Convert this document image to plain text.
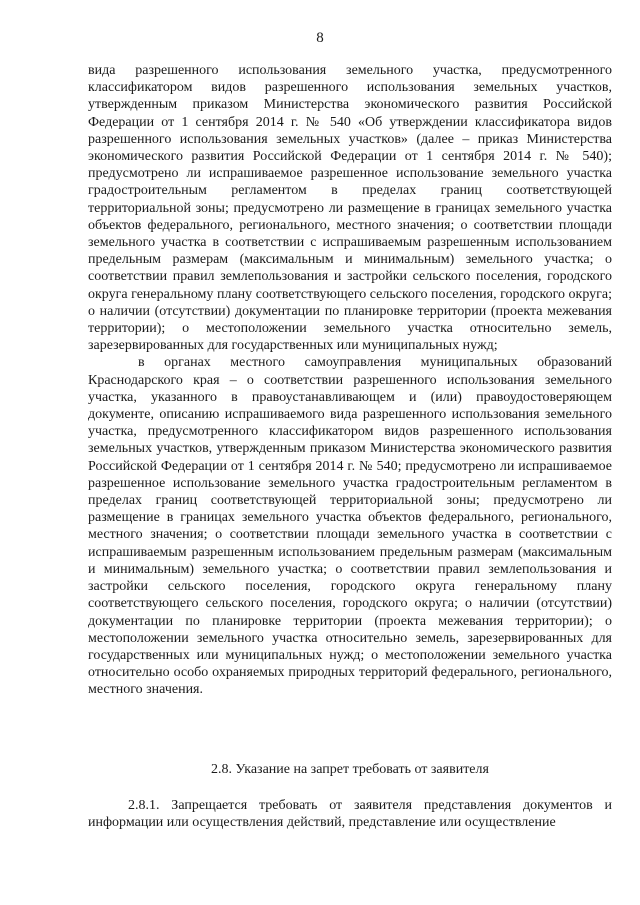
8

вида разрешенного использования земельного участка, предусмотренного классификатором видов разрешенного использования земельных участков, утвержденным приказом Министерства экономического развития Российской Федерации от 1 сентября 2014 г. № 540 «Об утверждении классификатора видов разрешенного использования земельных участков» (далее – приказ Министерства экономического развития Российской Федерации от 1 сентября 2014 г. № 540); предусмотрено ли испрашиваемое разрешенное использование земельного участка градостроительным регламентом в пределах границ соответствующей территориальной зоны; предусмотрено ли размещение в границах земельного участка объектов федерального, регионального, местного значения; о соответствии площади земельного участка в соответствии с испрашиваемым разрешенным использованием предельным размерам (максимальным и минимальным) земельного участка; о соответствии правил землепользования и застройки сельского поселения, городского округа генеральному плану соответствующего сельского поселения, городского округа; о наличии (отсутствии) документации по планировке территории (проекта межевания территории); о местоположении земельного участка относительно земель, зарезервированных для государственных или муниципальных нужд;

в органах местного самоуправления муниципальных образований Краснодарского края – о соответствии разрешенного использования земельного участка, указанного в правоустанавливающем и (или) правоудостоверяющем документе, описанию испрашиваемого вида разрешенного использования земельного участка, предусмотренного классификатором видов разрешенного использования земельных участков, утвержденным приказом Министерства экономического развития Российской Федерации от 1 сентября 2014 г. № 540; предусмотрено ли испрашиваемое разрешенное использование земельного участка градостроительным регламентом в пределах границ соответствующей территориальной зоны; предусмотрено ли размещение в границах земельного участка объектов федерального, регионального, местного значения; о соответствии площади земельного участка в соответствии с испрашиваемым разрешенным использованием предельным размерам (максимальным и минимальным) земельного участка; о соответствии правил землепользования и застройки сельского поселения, городского округа генеральному плану соответствующего сельского поселения, городского округа; о наличии (отсутствии) документации по планировке территории (проекта межевания территории); о местоположении земельного участка относительно земель, зарезервированных для государственных или муниципальных нужд; о местоположении земельного участка относительно особо охраняемых природных территорий федерального, регионального, местного значения.

2.8. Указание на запрет требовать от заявителя
2.8.1. Запрещается требовать от заявителя представления документов и информации или осуществления действий, представление или осуществление
